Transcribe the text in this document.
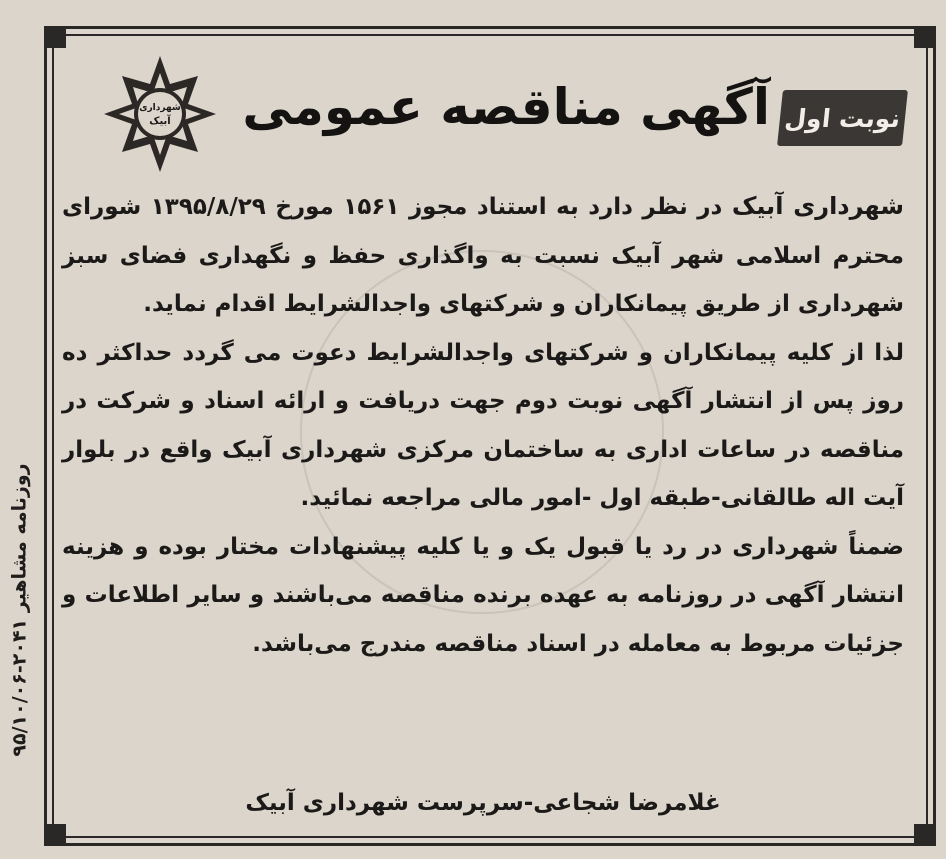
روزنامه مشاهیر ۲۰۴۱-۹۵/۱۰/۰۶
شهرداری
آبیک آگهی مناقصه عمومی نوبت اول

شهرداری آبیک در نظر دارد به استناد مجوز ۱۵۶۱ مورخ ۱۳۹۵/۸/۲۹ شورای محترم اسلامی شهر آبیک نسبت به واگذاری حفظ و نگهداری فضای سبز شهرداری از طریق پیمانکاران و شرکتهای واجدالشرایط اقدام نماید.

لذا از کلیه پیمانکاران و شرکتهای واجدالشرایط دعوت می گردد حداکثر ده روز پس از انتشار آگهی نوبت دوم جهت دریافت و ارائه اسناد و شرکت در مناقصه در ساعات اداری به ساختمان مرکزی شهرداری آبیک واقع در بلوار آیت اله طالقانی-طبقه اول -امور مالی مراجعه نمائید.

ضمناً شهرداری در رد یا قبول یک و یا کلیه پیشنهادات مختار بوده و هزینه انتشار آگهی در روزنامه به عهده برنده مناقصه می‌باشند و سایر اطلاعات و جزئیات مربوط به معامله در اسناد مناقصه مندرج می‌باشد.

غلامرضا شجاعی-سرپرست شهرداری آبیک
